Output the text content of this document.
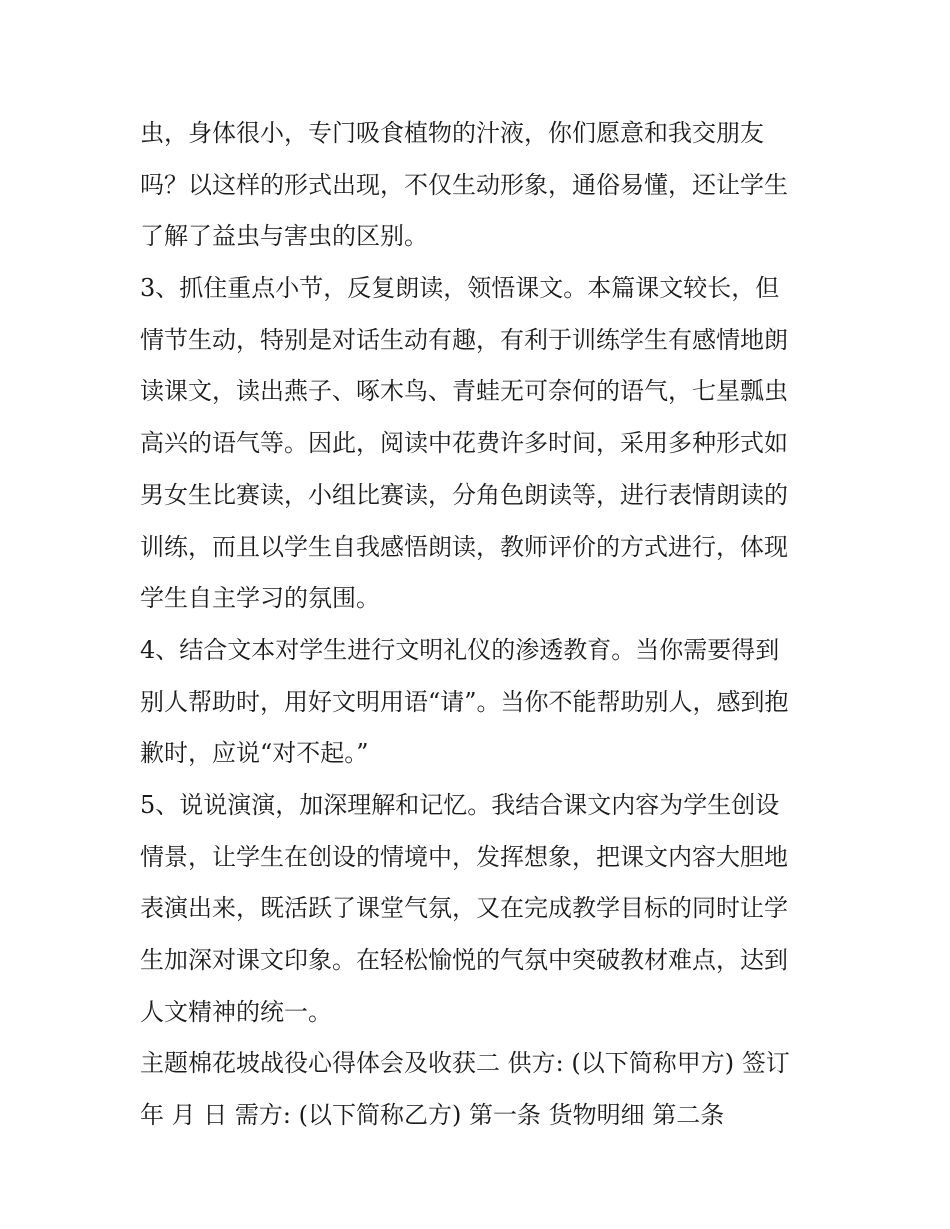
虫，身体很小，专门吸食植物的汁液，你们愿意和我交朋友
吗？以这样的形式出现，不仅生动形象，通俗易懂，还让学生
了解了益虫与害虫的区别。
3、抓住重点小节，反复朗读，领悟课文。本篇课文较长，但
情节生动，特别是对话生动有趣，有利于训练学生有感情地朗
读课文，读出燕子、啄木鸟、青蛙无可奈何的语气，七星瓢虫
高兴的语气等。因此，阅读中花费许多时间，采用多种形式如
男女生比赛读，小组比赛读，分角色朗读等，进行表情朗读的
训练，而且以学生自我感悟朗读，教师评价的方式进行，体现
学生自主学习的氛围。
4、结合文本对学生进行文明礼仪的渗透教育。当你需要得到
别人帮助时，用好文明用语“请”。当你不能帮助别人，感到抱
歉时，应说“对不起。”
5、说说演演，加深理解和记忆。我结合课文内容为学生创设
情景，让学生在创设的情境中，发挥想象，把课文内容大胆地
表演出来，既活跃了课堂气氛，又在完成教学目标的同时让学
生加深对课文印象。在轻松愉悦的气氛中突破教材难点，达到
人文精神的统一。
主题棉花坡战役心得体会及收获二 供方: (以下简称甲方) 签订
年 月 日 需方: (以下简称乙方) 第一条 货物明细 第二条
